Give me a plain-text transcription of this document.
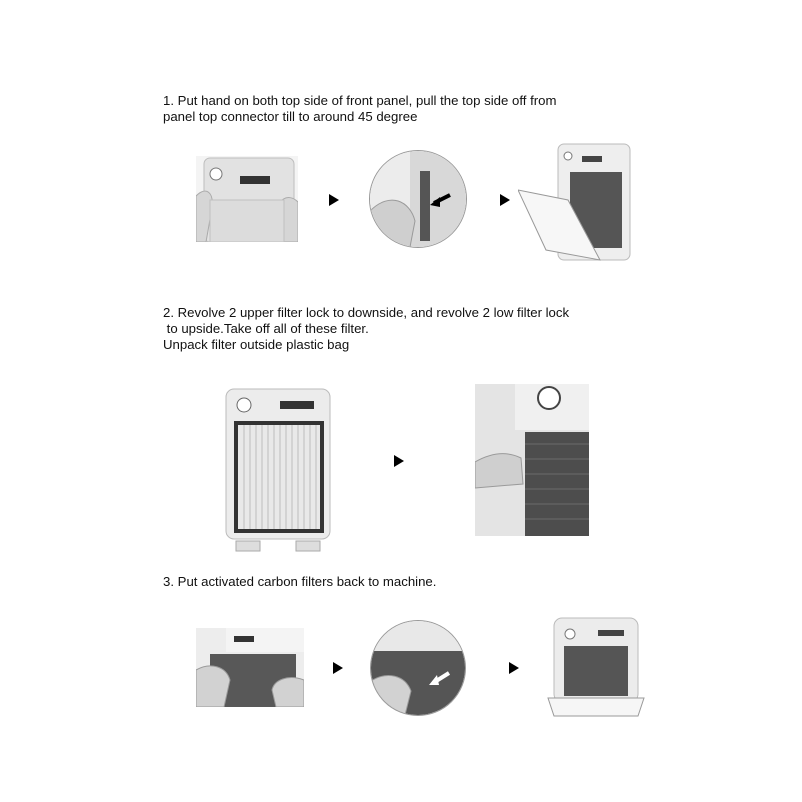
1. Put hand on both top side of front panel, pull the top side off from
panel top connector till to around 45 degree
2. Revolve 2 upper filter lock to downside, and revolve 2 low filter lock
to upside.Take off all of these filter.
Unpack filter outside plastic bag
3. Put activated carbon filters back to machine.
